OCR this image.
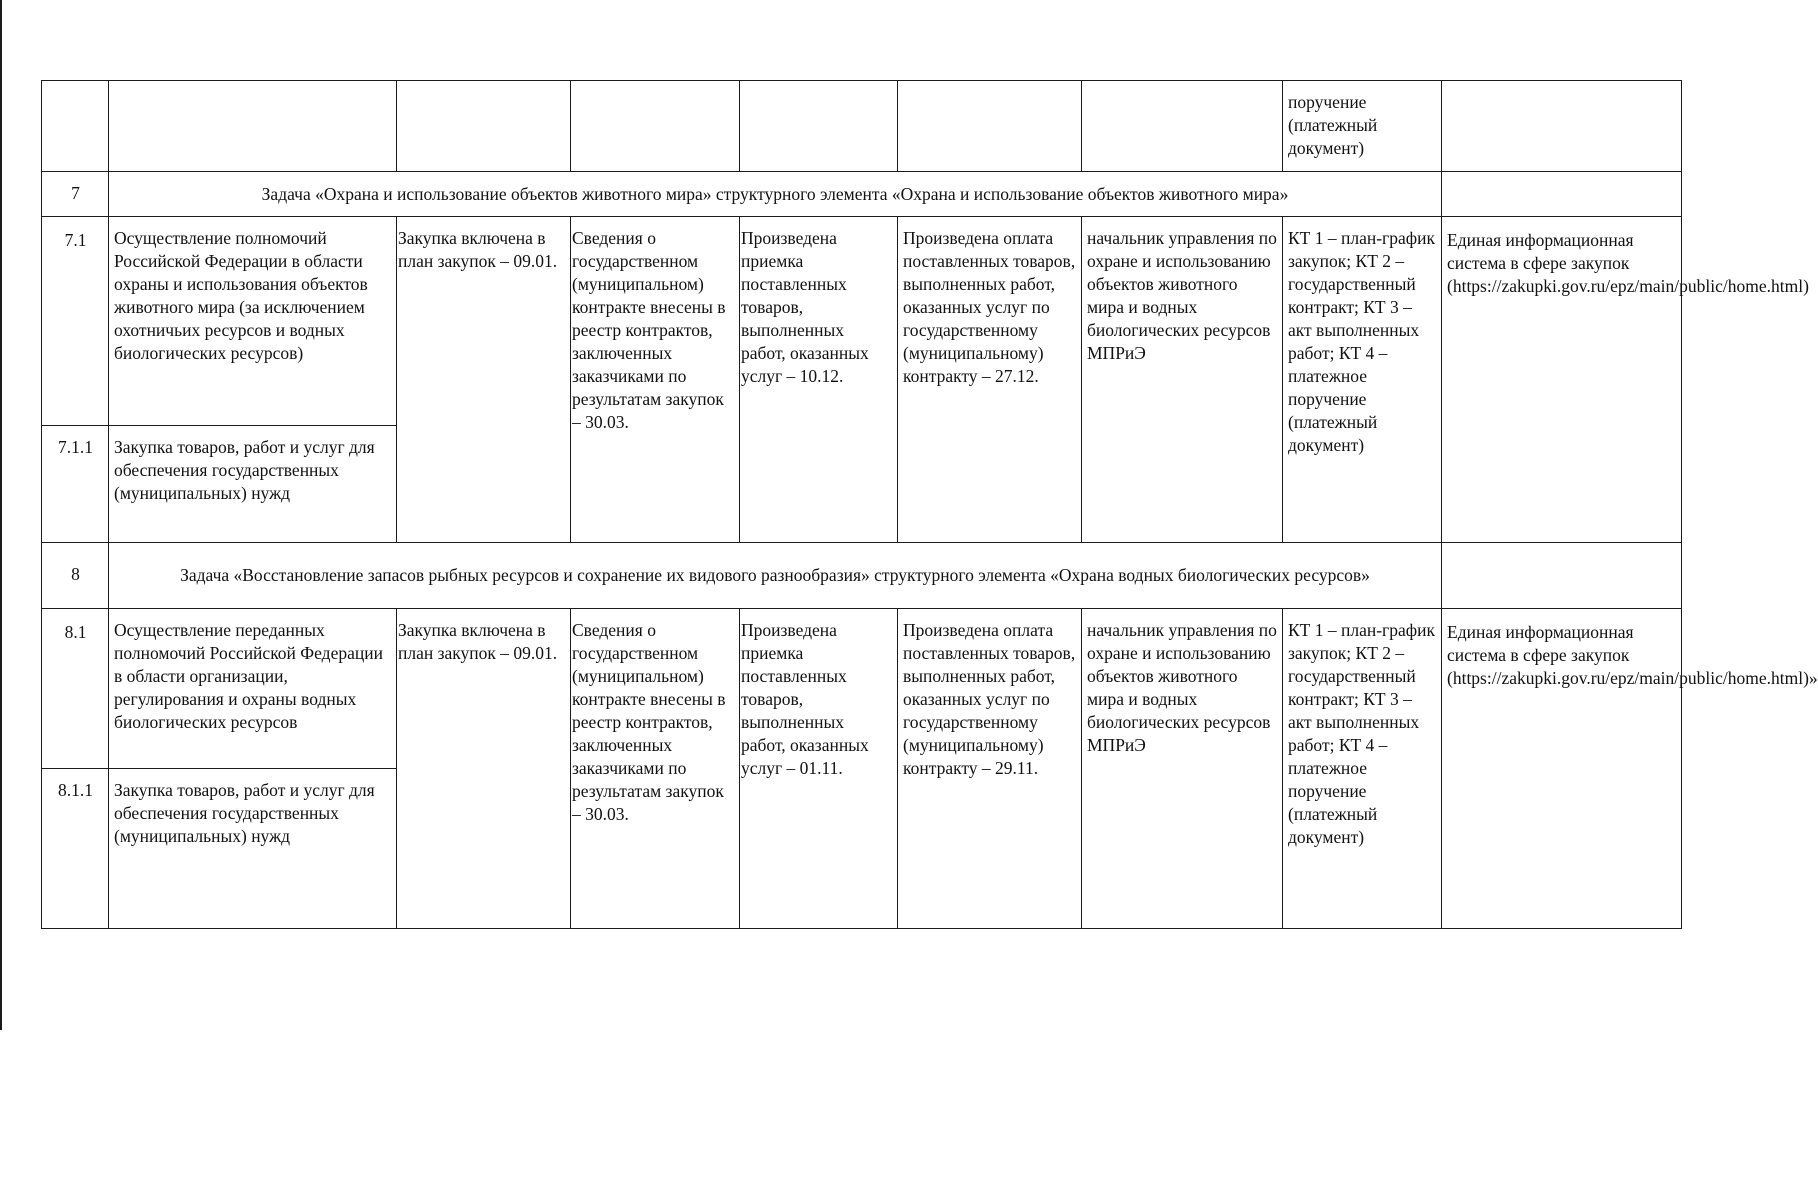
							поручение (платежный документ)	
7	Задача «Охрана и использование объектов животного мира» структурного элемента «Охрана и использование объектов животного мира»							
7.1	Осуществление полномочий Российской Федерации в области охраны и использования объектов животного мира (за исключением охотничьих ресурсов и водных биологических ресурсов)	Закупка включена в план закупок – 09.01.	Сведения о государственном (муниципальном) контракте внесены в реестр контрактов, заключенных заказчиками по результатам закупок – 30.03.	Произведена приемка поставленных товаров, выполненных работ, оказанных услуг – 10.12.	Произведена оплата поставленных товаров, выполненных работ, оказанных услуг по государственному (муниципальному) контракту – 27.12.	начальник управления по охране и использованию объектов животного мира и водных биологических ресурсов МПРиЭ	КТ 1 – план-график закупок; КТ 2 – государственный контракт; КТ 3 – акт выполненных работ; КТ 4 – платежное поручение (платежный документ)	Единая информационная система в сфере закупок (https://zakupki.gov.ru/epz/main/public/home.html)
7.1.1	Закупка товаров, работ и услуг для обеспечения государственных (муниципальных) нужд							
8	Задача «Восстановление запасов рыбных ресурсов и сохранение их видового разнообразия» структурного элемента «Охрана водных биологических ресурсов»							
8.1	Осуществление переданных полномочий Российской Федерации в области организации, регулирования и охраны водных биологических ресурсов	Закупка включена в план закупок – 09.01.	Сведения о государственном (муниципальном) контракте внесены в реестр контрактов, заключенных заказчиками по результатам закупок – 30.03.	Произведена приемка поставленных товаров, выполненных работ, оказанных услуг – 01.11.	Произведена оплата поставленных товаров, выполненных работ, оказанных услуг по государственному (муниципальному) контракту – 29.11.	начальник управления по охране и использованию объектов животного мира и водных биологических ресурсов МПРиЭ	КТ 1 – план-график закупок; КТ 2 – государственный контракт; КТ 3 – акт выполненных работ; КТ 4 – платежное поручение (платежный документ)	Единая информационная система в сфере закупок (https://zakupki.gov.ru/epz/main/public/home.html)»
8.1.1	Закупка товаров, работ и услуг для обеспечения государственных (муниципальных) нужд							
